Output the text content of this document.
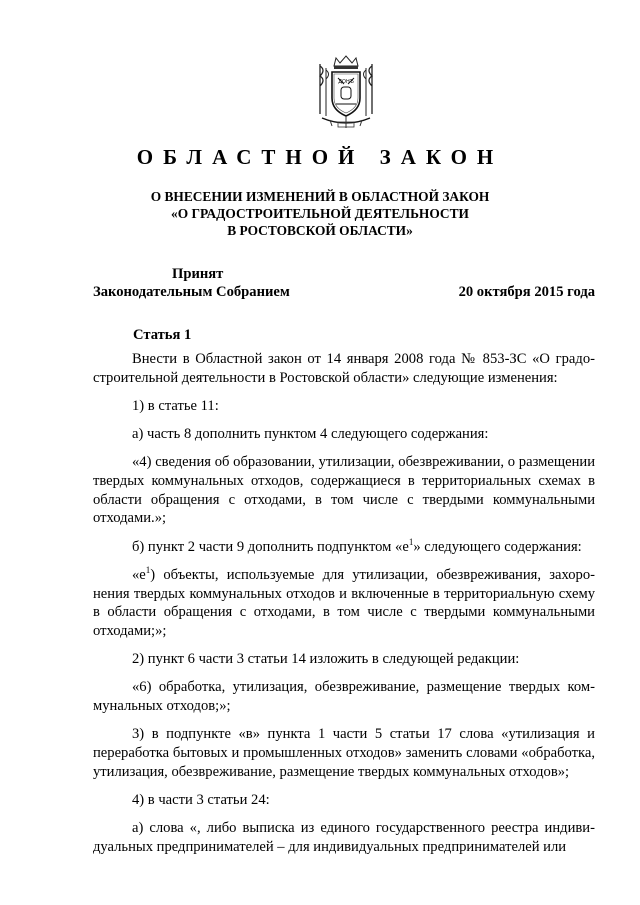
ДОНЪ
ОБЛАСТНОЙ ЗАКОН
О ВНЕСЕНИИ ИЗМЕНЕНИЙ В ОБЛАСТНОЙ ЗАКОН
«О ГРАДОСТРОИТЕЛЬНОЙ ДЕЯТЕЛЬНОСТИ
В РОСТОВСКОЙ ОБЛАСТИ»
Принят
Законодательным Собранием	20 октября 2015 года
Статья 1

Внести в Областной закон от 14 января 2008 года № 853-ЗС «О градостроительной деятельности в Ростовской области» следующие изменения:

1) в статье 11:

а) часть 8 дополнить пунктом 4 следующего содержания:

«4) сведения об образовании, утилизации, обезвреживании, о размещении твердых коммунальных отходов, содержащиеся в территориальных схемах в области обращения с отходами, в том числе с твердыми коммунальными отходами.»;

б) пункт 2 части 9 дополнить подпунктом «$е^1$» следующего содержания:

«$е^1$) объекты, используемые для утилизации, обезвреживания, захоронения твердых коммунальных отходов и включенные в территориальную схему в области обращения с отходами, в том числе с твердыми коммунальными отходами;»;

2) пункт 6 части 3 статьи 14 изложить в следующей редакции:

«6) обработка, утилизация, обезвреживание, размещение твердых коммунальных отходов;»;

3) в подпункте «в» пункта 1 части 5 статьи 17 слова «утилизация и переработка бытовых и промышленных отходов» заменить словами «обработка, утилизация, обезвреживание, размещение твердых коммунальных отходов»;

4) в части 3 статьи 24:

а) слова «, либо выписка из единого государственного реестра индивидуальных предпринимателей – для индивидуальных предпринимателей или
